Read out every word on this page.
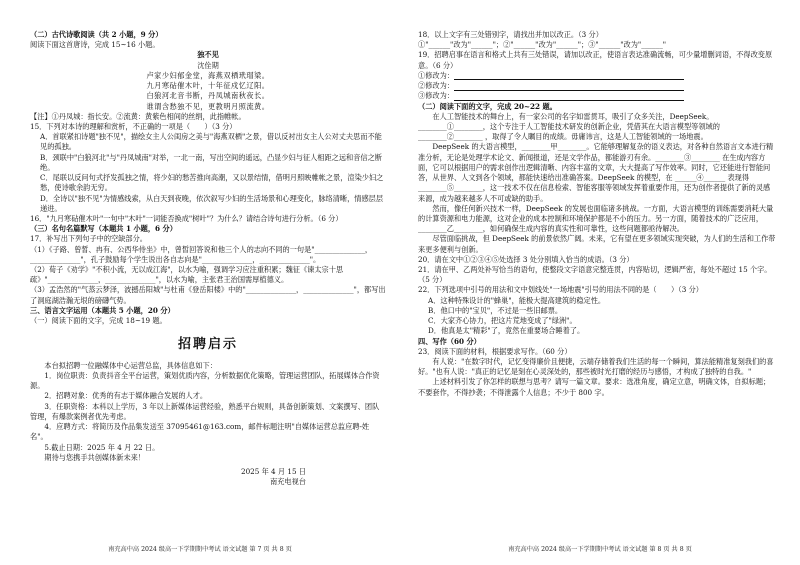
（二）古代诗歌阅读（共 2 小题，9 分）

阅读下面这首唐诗，完成 15~16 小题。

独不见

沈佺期

卢家少妇郁金堂，海燕双栖玳瑁梁。

九月寒砧催木叶，十年征戍忆辽阳。

白狼河北音书断，丹凤城南秋夜长。

谁谓含愁独不见，更教明月照流黄。

【注】①丹凤城：指长安。②流黄：黄紫色相间的丝绢，此指帷帐。

15．下列对本诗的理解和赏析，不正确的一项是（　　）（3 分）

A．首联紧扣诗题"独不见"，描绘女主人公闺房之美与"海燕双栖"之景，借以反衬出女主人公对丈夫思而不能见的孤独。

B．颈联中"白狼河北"与"丹凤城南"对举，一北一南，写出空间的遥远，凸显少妇与征人相距之远和音信之断绝。

C．尾联以反问句式抒发孤独之情，将少妇的愁苦推向高潮，又以景结情，借明月照映帷帐之景，渲染少妇之愁，使诗歌余韵无穷。

D．全诗以"独不见"为情感线索，从白天到夜晚，依次叙写少妇的生活场景和心理变化，脉络清晰，情感层层递进。

16．"九月寒砧催木叶"一句中"木叶"一词能否换成"树叶"？为什么？请结合诗句进行分析。（6 分）

（三）名句名篇默写（本题共 1 小题，6 分）

17．补写出下列句子中的空缺部分。

（1）《子路、曾皙、冉有、公西华侍坐》中，曾皙回答说和他三个人的志向不同的一句是"______________，______________"，孔子鼓励每个学生说出各自志向是"______________，______________"。

（2）荀子《劝学》"不积小流，无以成江海"，以水为喻，强调学习应注重积累；魏征《谏太宗十思疏》"______________，______________"，以水为喻，主张君王治国需厚植德义。

（3）孟浩然的"气蒸云梦泽，波撼岳阳城"与杜甫《登岳阳楼》中的"______________，______________"，都写出了洞庭湖浩瀚无垠的磅礴气势。

三、语言文字运用（本题共 5 小题，20 分）

（一）阅读下面的文字，完成 18~19 题。

招聘启示

本台拟招聘一位融媒体中心运营总监，具体信息如下：

1．岗位职责：负责抖音全平台运营，策划优质内容，分析数据优化策略，管理运营团队，拓展媒体合作资源。

2．招聘对象：优秀的有志于媒体融合发展的人才。

3．任职资格：本科以上学历，3 年以上新媒体运营经验，熟悉平台规则，具备创新策划、文案撰写、团队管理，有爆款案例者优先考虑。

4．应聘方式：将简历及作品集发送至 37095461@163.com，邮件标题注明"自媒体运营总监应聘-姓名"。

5.截止日期：2025 年 4 月 22 日。

期待与您携手共创媒体新未来！

2025 年 4 月 15 日

南充电视台

南充高中高 2024 级高一下学期期中考试 语文试题 第 7 页 共 8 页

18．以上文字有三处错别字，请找出并加以改正。（3 分）

①"______"改为"______"；②"______"改为"______"；③"______"改为"______"

19．招聘启事在语言和格式上共有三处错误，请加以改正，使语言表达准确流畅，可少量增删词语，不得改变原意。（6 分）

①修改为：

②修改为：

③修改为：

（二）阅读下面的文字，完成 20~22 题。

在人工智能技术的舞台上，有一家公司的名字如雷贯耳，吸引了众多关注，DeepSeek。________①________，这个专注于人工智能技术研发的创新企业，凭借其在大语言模型等领域的 ________②________ ，取得了令人瞩目的成绩。毋庸讳言，这是人工智能领域的一场地震。

DeepSeek 的大语言模型，________甲________。它能够理解复杂的语义表达，对各种自然语言文本进行精准分析，无论是处理学术论文、新闻报道，还是文学作品，都能游刃有余。________③________ 在生成内容方面，它可以根据用户的需求创作出逻辑清晰、内容丰富的文章，大大提高了写作效率。同时，它还能进行智能问答，从世界、人文到各个领域，都能快速给出准确答案。DeepSeek 的模型，在 ______④______ 表现得 ________⑤________，这一技术不仅在信息检索、智能客服等领域发挥着重要作用，还为创作者提供了新的灵感来源，成为越来越多人不可或缺的助手。

然而，像任何新兴技术一样，DeepSeek 的发展也面临诸多挑战。一方面，大语言模型的训练需要消耗大量的计算资源和电力能源，这对企业的成本控制和环境保护都是不小的压力。另一方面，随着技术的广泛应用，________乙________，如何确保生成内容的真实性和可靠性，这些问题都亟待解决。

尽管面临挑战，但 DeepSeek 的前景依然广阔。未来，它有望在更多领域实现突破，为人们的生活和工作带来更多便利与创新。

20．请在文中①②③④⑤处选择 3 处分别填入恰当的成语。（3 分）

21．请在甲、乙两处补写恰当的语句，使整段文字语意完整连贯，内容贴切，逻辑严密，每处不超过 15 个字。（5 分）

22．下列选项中引号的用法和文中划线处"一场地震"引号的用法不同的是（　　）（3 分）

A．这种特殊设计的"蜂巢"，能极大提高建筑的稳定性。

B．他口中的"宝贝"，不过是一些旧邮票。

C．大家齐心协力，把这片荒地变成了"绿洲"。

D．他真是太"精彩"了，竟然在重要场合睡着了。

四、写作（60 分）

23．阅读下面的材料，根据要求写作。（60 分）

有人说："在数字时代，记忆变得廉价且便捷，云端存储着我们生活的每一个瞬间，算法能精准复刻我们的喜好。"也有人说："真正的记忆是刻在心灵深处的，那些被时光打磨的经历与感悟，才构成了独特的自我。"

上述材料引发了你怎样的联想与思考？请写一篇文章。要求：选准角度，确定立意，明确文体，自拟标题；不要套作，不得抄袭；不得泄露个人信息；不少于 800 字。

南充高中高 2024 级高一下学期期中考试 语文试题 第 8 页 共 8 页
